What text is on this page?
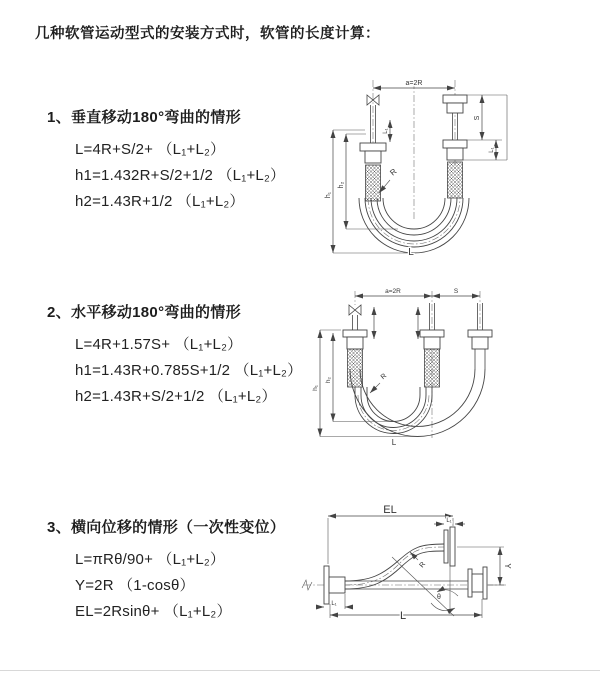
几种软管运动型式的安装方式时，软管的长度计算：
1、垂直移动180°弯曲的情形
L=4R+S/2+ （L₁+L₂）
h1=1.432R+S/2+1/2 （L₁+L₂）
h2=1.43R+1/2 （L₁+L₂）
2、水平移动180°弯曲的情形
L=4R+1.57S+ （L₁+L₂）
h1=1.43R+0.785S+1/2 （L₁+L₂）
h2=1.43R+S/2+1/2 （L₁+L₂）
3、横向位移的情形（一次性变位）
L=πRθ/90+ （L₁+L₂）
Y=2R （1-cosθ）
EL=2Rsinθ+ （L₁+L₂）
a=2R
R
h₁
h₂
L₁
S
L₁
L
a=2R	S
R
h₁
h₂
L
EL
L₁
θ
R	Y
L₁
L
